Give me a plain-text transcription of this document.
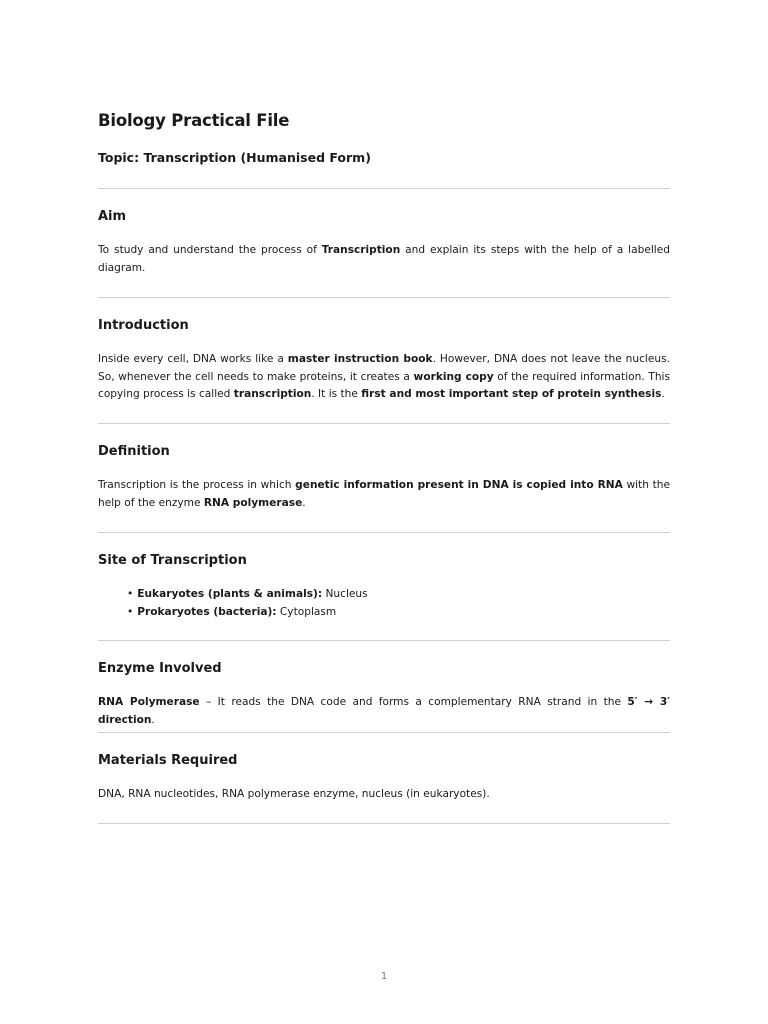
Biology Practical File
Topic: Transcription (Humanised Form)
Aim
To study and understand the process of Transcription and explain its steps with the help of a labelled diagram.
Introduction
Inside every cell, DNA works like a master instruction book. However, DNA does not leave the nucleus. So, whenever the cell needs to make proteins, it creates a working copy of the required information. This copying process is called transcription. It is the first and most important step of protein synthesis.
Definition
Transcription is the process in which genetic information present in DNA is copied into RNA with the help of the enzyme RNA polymerase.
Site of Transcription
• Eukaryotes (plants & animals): Nucleus
• Prokaryotes (bacteria): Cytoplasm
Enzyme Involved
RNA Polymerase – It reads the DNA code and forms a complementary RNA strand in the 5′ → 3′ direction.
Materials Required
DNA, RNA nucleotides, RNA polymerase enzyme, nucleus (in eukaryotes).
1
